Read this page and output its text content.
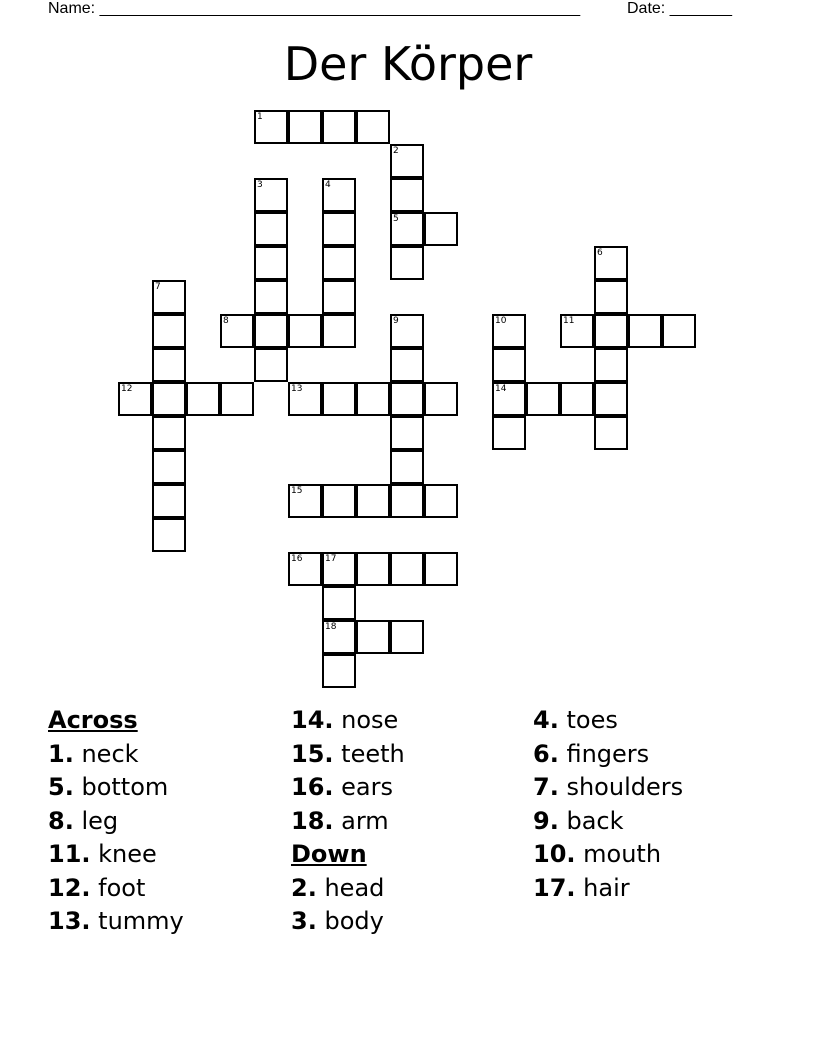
Name: ______________________________________________________	Date: _______
Der Körper
1
2
5
3	4
6
7
8	9	10
14
11
12	13
15
16	17
18
Across
1. neck
5. bottom
8. leg
11. knee
12. foot
13. tummy
14. nose
15. teeth
16. ears
18. arm
Down
2. head
3. body
4. toes
6. fingers
7. shoulders
9. back
10. mouth
17. hair
